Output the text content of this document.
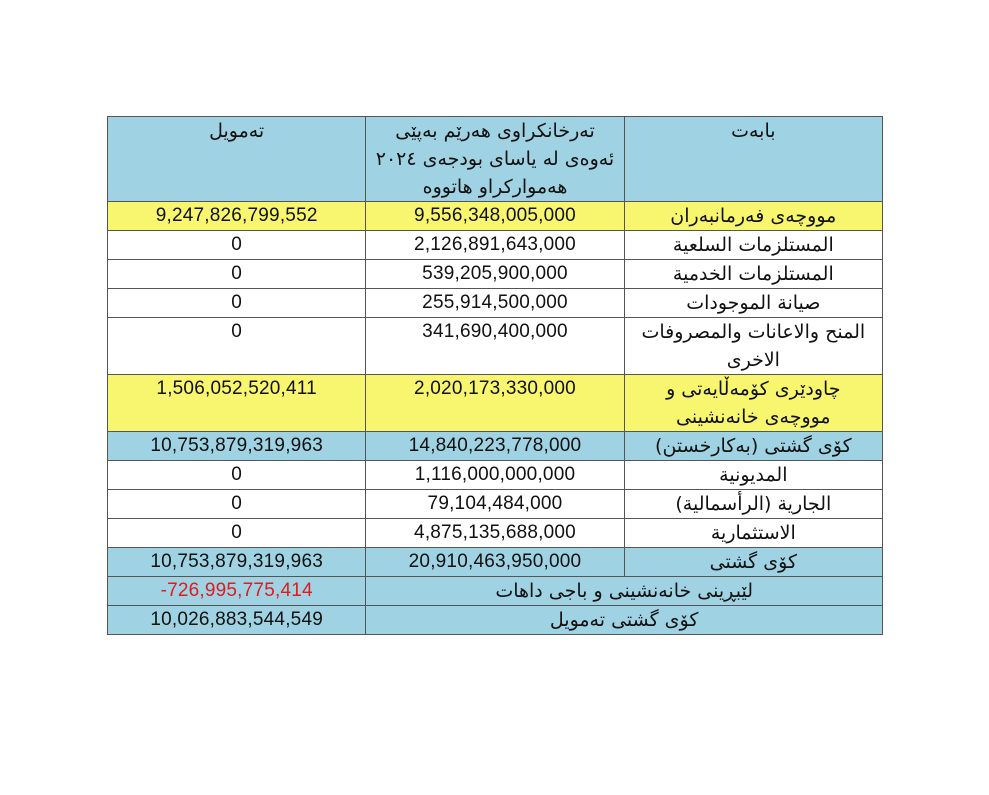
تەمویل	تەرخانكراوی هەرێم بەپێی ئەوەی لە یاسای بودجەی ٢٠٢٤ هەمواركراو هاتووە	بابەت
9,247,826,799,552	9,556,348,005,000	مووچەی فەرمانبەران
0	2,126,891,643,000	المستلزمات السلعية
0	539,205,900,000	المستلزمات الخدمية
0	255,914,500,000	صيانة الموجودات
0	341,690,400,000	المنح والاعانات والمصروفات الاخرى
1,506,052,520,411	2,020,173,330,000	چاودێری كۆمەڵایەتی و مووچەی خانەنشینی
10,753,879,319,963	14,840,223,778,000	كۆی گشتی (بەكارخستن)
0	1,116,000,000,000	المديونية
0	79,104,484,000	الجارية (الرأسمالية)
0	4,875,135,688,000	الاستثمارية
10,753,879,319,963	20,910,463,950,000	كۆی گشتی
-726,995,775,414	لێبڕینی خانەنشینی و باجی داهات	
10,026,883,544,549	كۆی گشتی تەمویل	
